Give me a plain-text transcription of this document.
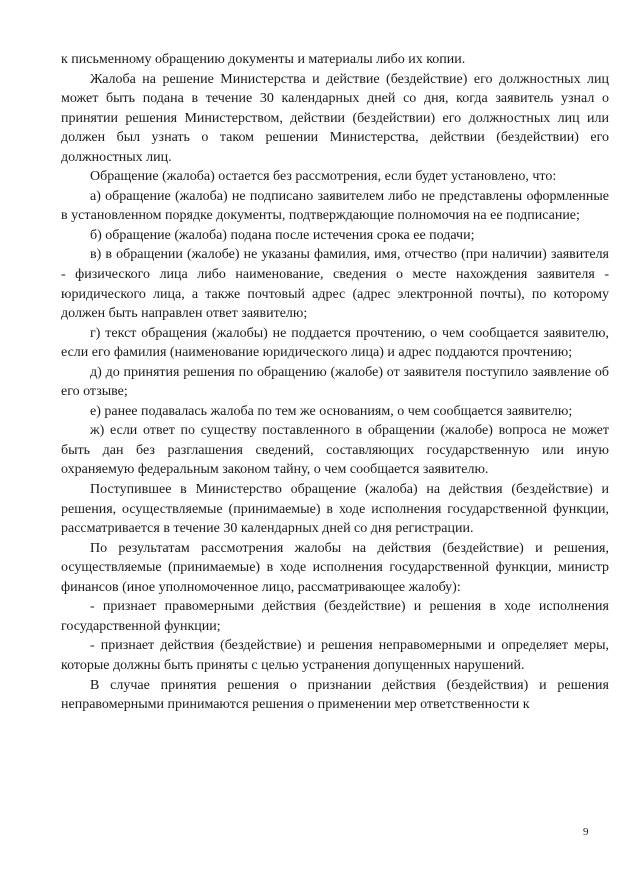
к письменному обращению документы и материалы либо их копии.

Жалоба на решение Министерства и действие (бездействие) его должностных лиц может быть подана в течение 30 календарных дней со дня, когда заявитель узнал о принятии решения Министерством, действии (бездействии) его должностных лиц или должен был узнать о таком решении Министерства, действии (бездействии) его должностных лиц.

Обращение (жалоба) остается без рассмотрения, если будет установлено, что:

а) обращение (жалоба) не подписано заявителем либо не представлены оформленные в установленном порядке документы, подтверждающие полномочия на ее подписание;

б) обращение (жалоба) подана после истечения срока ее подачи;

в) в обращении (жалобе) не указаны фамилия, имя, отчество (при наличии) заявителя - физического лица либо наименование, сведения о месте нахождения заявителя - юридического лица, а также почтовый адрес (адрес электронной почты), по которому должен быть направлен ответ заявителю;

г) текст обращения (жалобы) не поддается прочтению, о чем сообщается заявителю, если его фамилия (наименование юридического лица) и адрес поддаются прочтению;

д) до принятия решения по обращению (жалобе) от заявителя поступило заявление об его отзыве;

е) ранее подавалась жалоба по тем же основаниям, о чем сообщается заявителю;

ж) если ответ по существу поставленного в обращении (жалобе) вопроса не может быть дан без разглашения сведений, составляющих государственную или иную охраняемую федеральным законом тайну, о чем сообщается заявителю.

Поступившее в Министерство обращение (жалоба) на действия (бездействие) и решения, осуществляемые (принимаемые) в ходе исполнения государственной функции, рассматривается в течение 30 календарных дней со дня регистрации.

По результатам рассмотрения жалобы на действия (бездействие) и решения, осуществляемые (принимаемые) в ходе исполнения государственной функции, министр финансов (иное уполномоченное лицо, рассматривающее жалобу):

- признает правомерными действия (бездействие) и решения в ходе исполнения государственной функции;

- признает действия (бездействие) и решения неправомерными и определяет меры, которые должны быть приняты с целью устранения допущенных нарушений.

В случае принятия решения о признании действия (бездействия) и решения неправомерными принимаются решения о применении мер ответственности к

9
